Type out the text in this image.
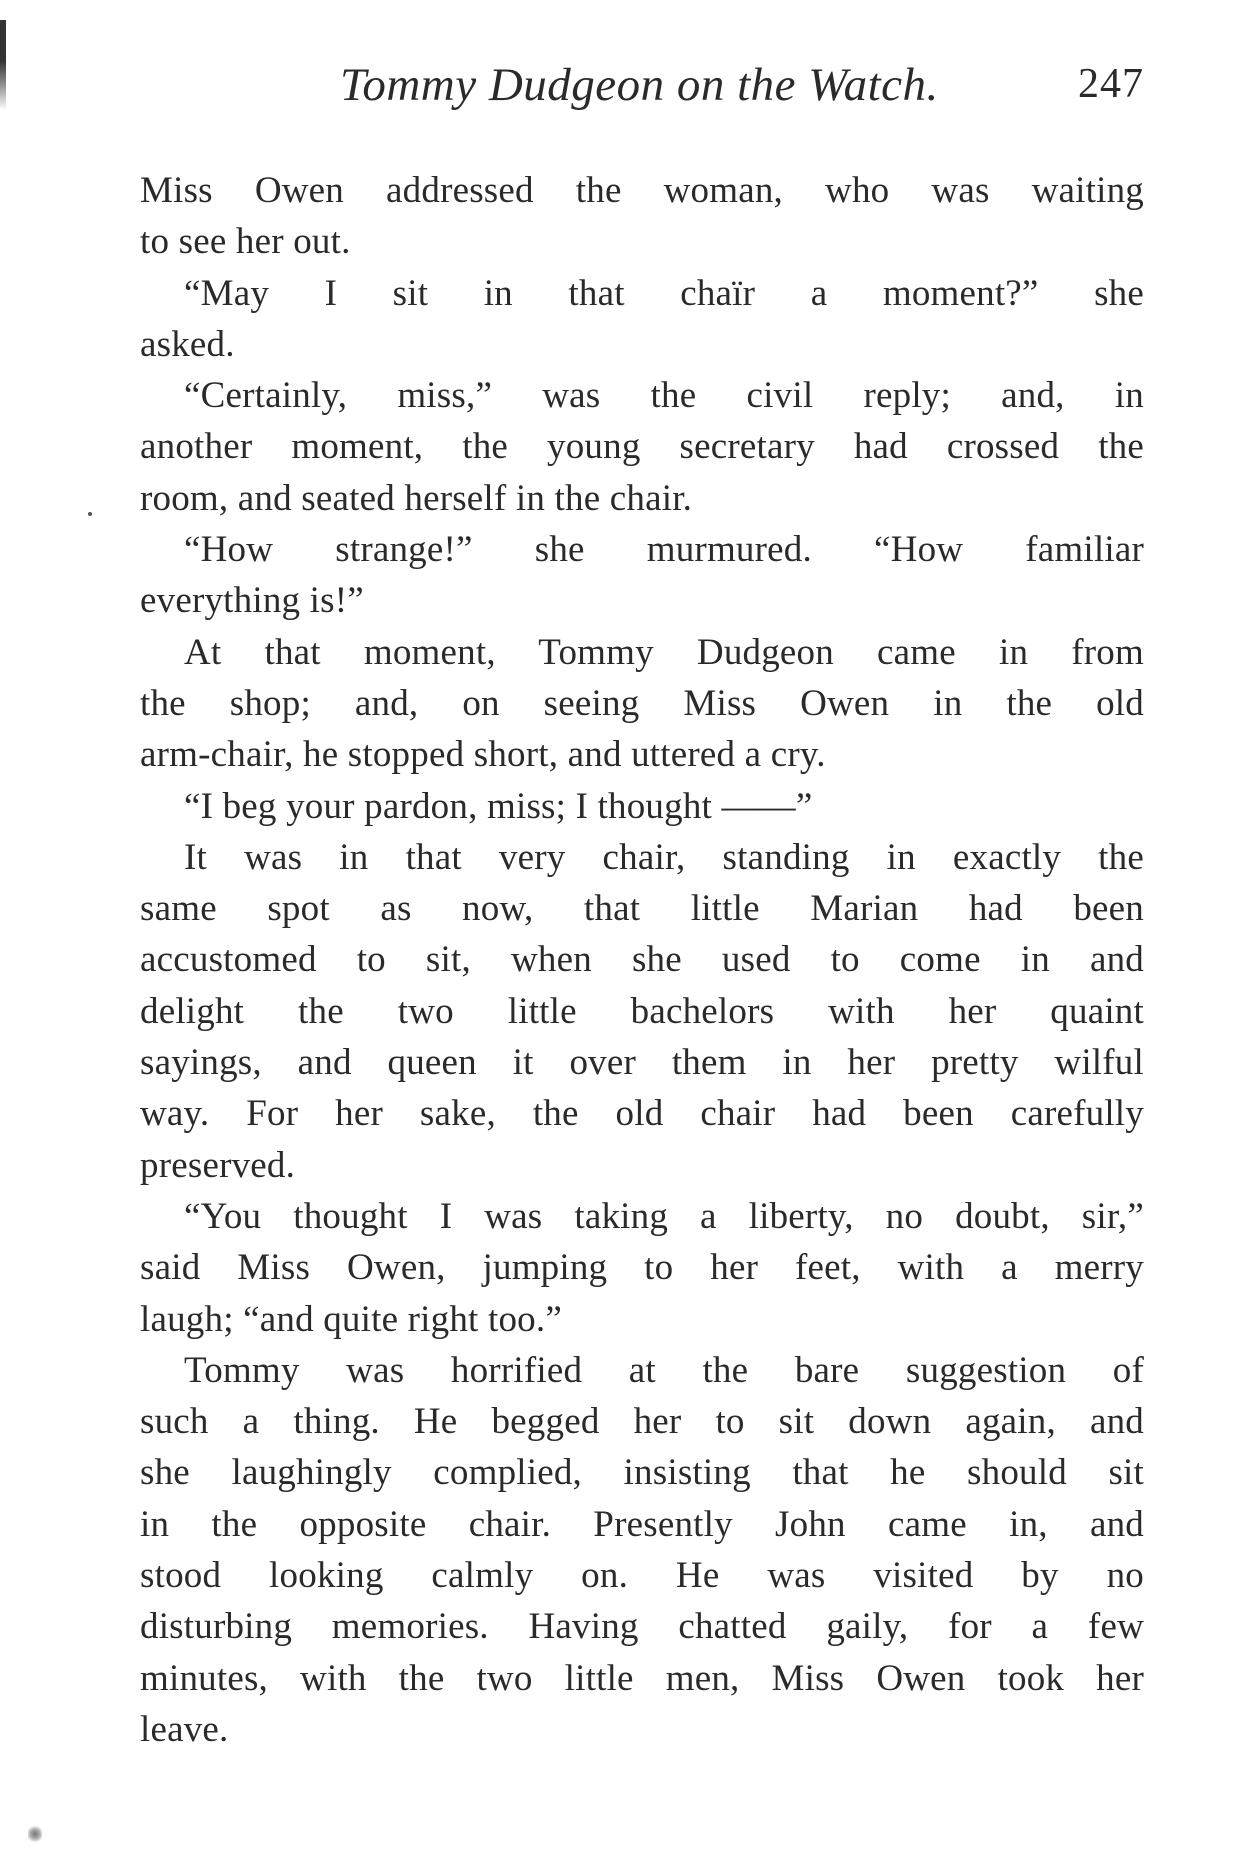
Tommy Dudgeon on the Watch.	247
Miss Owen addressed the woman, who was waiting
to see her out.
“May I sit in that chaïr a moment?” she
asked.
“Certainly, miss,” was the civil reply; and, in
another moment, the young secretary had crossed the
room, and seated herself in the chair.
“How strange!” she murmured. “How familiar
everything is!”
At that moment, Tommy Dudgeon came in from
the shop; and, on seeing Miss Owen in the old
arm-chair, he stopped short, and uttered a cry.
“I beg your pardon, miss; I thought ——”
It was in that very chair, standing in exactly the
same spot as now, that little Marian had been
accustomed to sit, when she used to come in and
delight the two little bachelors with her quaint
sayings, and queen it over them in her pretty wilful
way. For her sake, the old chair had been carefully
preserved.
“You thought I was taking a liberty, no doubt, sir,”
said Miss Owen, jumping to her feet, with a merry
laugh; “and quite right too.”
Tommy was horrified at the bare suggestion of
such a thing. He begged her to sit down again, and
she laughingly complied, insisting that he should sit
in the opposite chair. Presently John came in, and
stood looking calmly on. He was visited by no
disturbing memories. Having chatted gaily, for a few
minutes, with the two little men, Miss Owen took her
leave.
